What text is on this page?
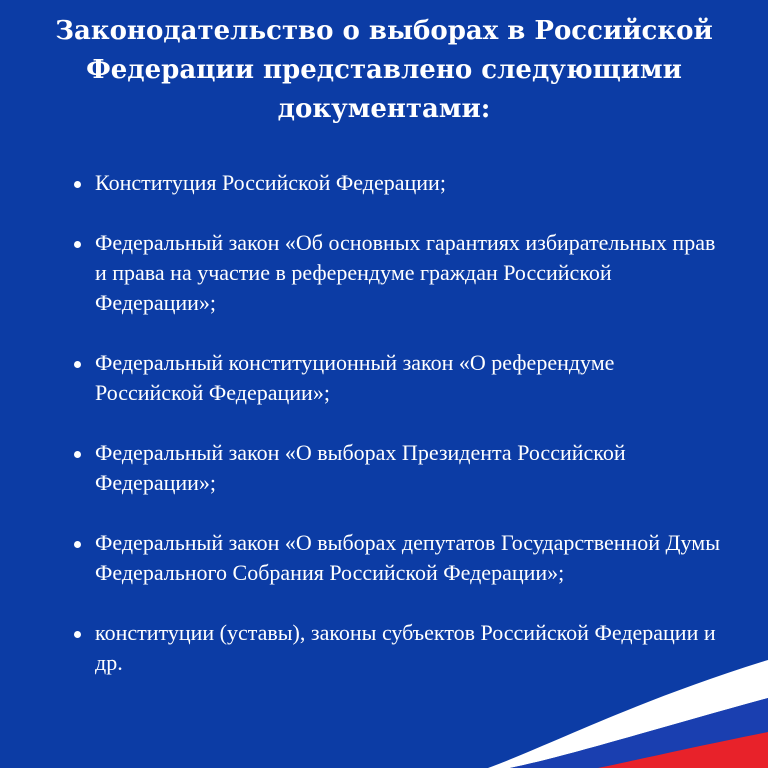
Законодательство о выборах в Российской Федерации представлено следующими документами:
Конституция Российской Федерации;
Федеральный закон «Об основных гарантиях избирательных прав и права на участие в референдуме граждан Российской Федерации»;
Федеральный конституционный закон «О референдуме Российской Федерации»;
Федеральный закон «О выборах Президента Российской Федерации»;
Федеральный закон «О выборах депутатов Государственной Думы Федерального Собрания Российской Федерации»;
конституции (уставы), законы субъектов Российской Федерации и др.
